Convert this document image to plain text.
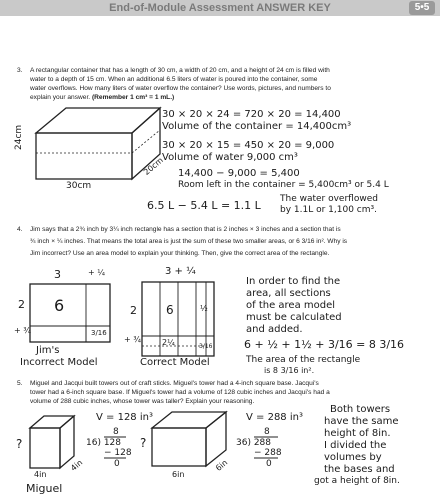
End-of-Module Assessment ANSWER KEY	5•5
3. A rectangular container that has a length of 30 cm, a width of 20 cm, and a height of 24 cm is filled with
water to a depth of 15 cm. When an additional 6.5 liters of water is poured into the container, some
water overflows. How many liters of water overflow the container? Use words, pictures, and numbers to
explain your answer. (Remember 1 cm³ = 1 mL.)
24cm
30cm
20cm
30 × 20 × 24 = 720 × 20 = 14,400
Volume of the container = 14,400cm³
30 × 20 × 15 = 450 × 20 = 9,000
Volume of water 9,000 cm³
14,400 − 9,000 = 5,400
Room left in the container = 5,400cm³ or 5.4 L
6.5 L − 5.4 L = 1.1 L The water overflowed
by 1.1L or 1,100 cm³.
4. Jim says that a 2¾ inch by 3¼ inch rectangle has a section that is 2 inches × 3 inches and a section that is
¾ inch × ¼ inches. That means the total area is just the sum of these two smaller areas, or 6 3/16 in². Why is
Jim incorrect? Use an area model to explain your thinking. Then, give the correct area of the rectangle.
3	+ ¼
2
+ ¾
6
3/16
Jim's
Incorrect Model
3 + ¼
2
+ ¾
6	½
2¼	3/16
Correct Model
In order to find the
area, all sections
of the area model
must be calculated
and added.
6 + ½ + 1½ + 3/16 = 8 3/16
The area of the rectangle
is 8 3/16 in².
5. Miguel and Jacqui built towers out of craft sticks. Miguel's tower had a 4-inch square base. Jacqui's
tower had a 6-inch square base. If Miguel's tower had a volume of 128 cubic inches and Jacqui's had a
volume of 288 cubic inches, whose tower was taller? Explain your reasoning.
?
4in
4in
Miguel
V = 128 in³
8
16) 128
− 128
0
?
6in
6in
V = 288 in³
8
36) 288
− 288
0
Both towers
have the same
height of 8in.
I divided the
volumes by
the bases and
got a height of 8in.
